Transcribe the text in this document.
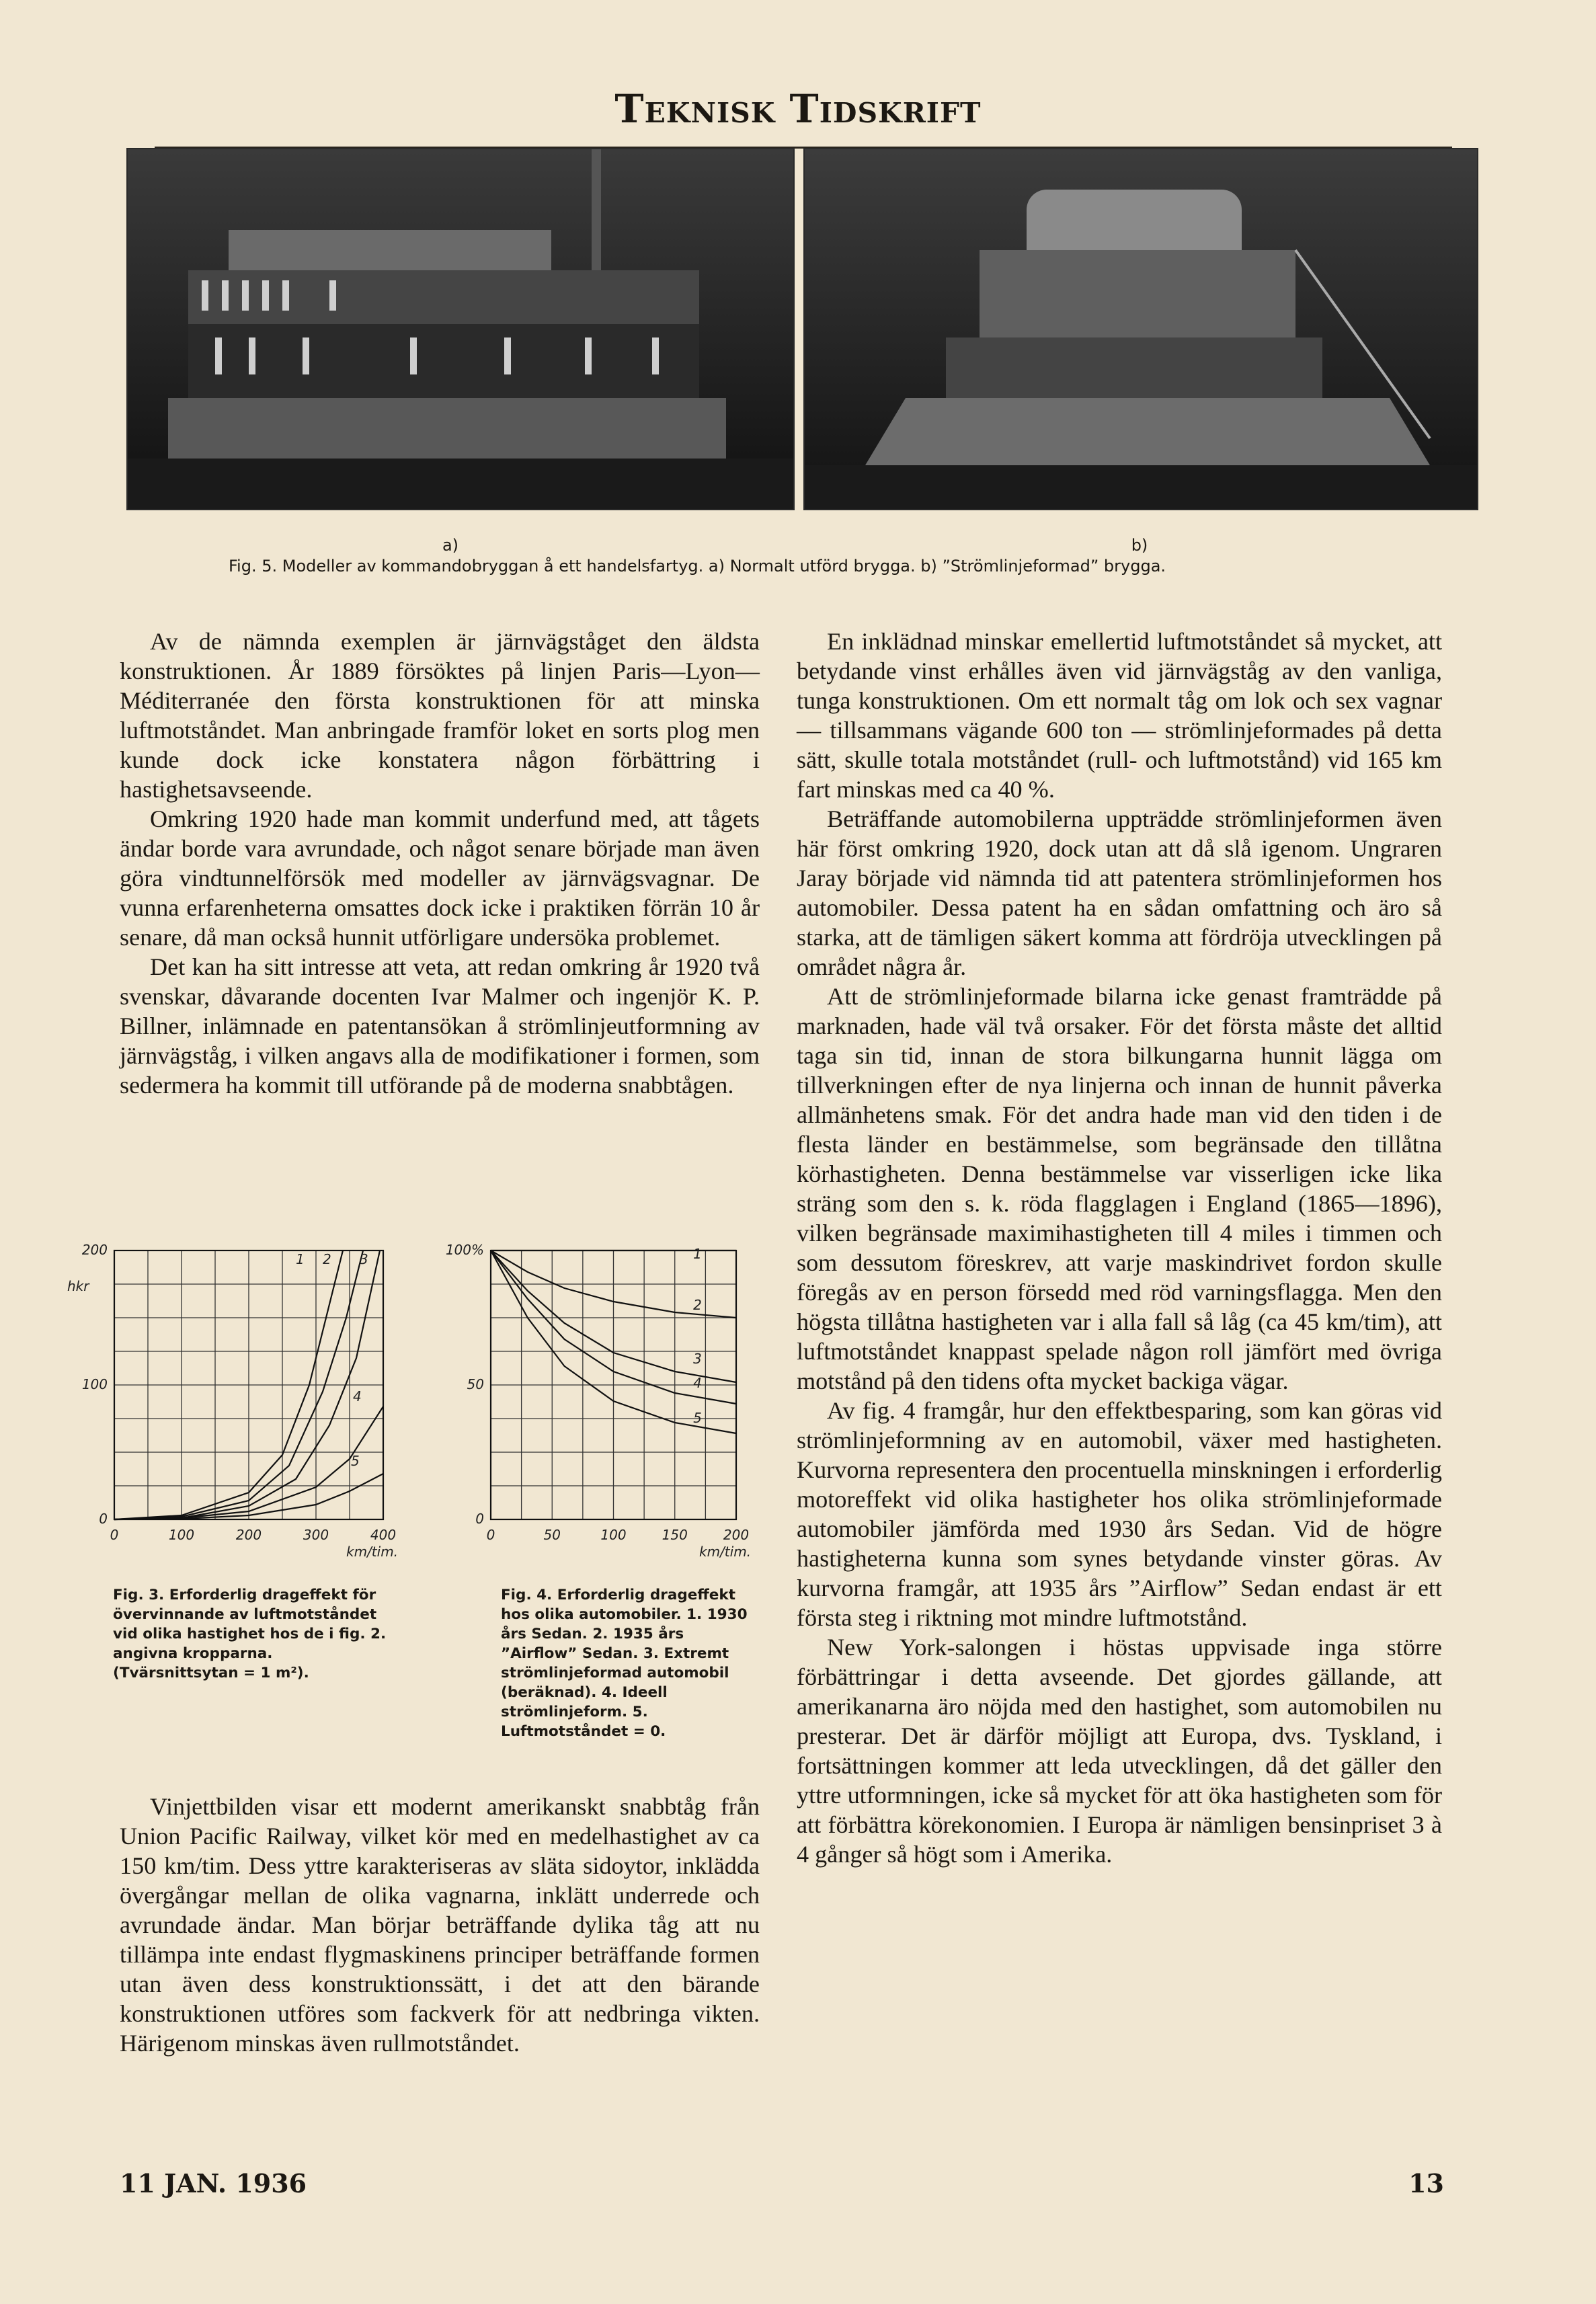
Teknisk Tidskrift
a)	b)
Fig. 5. Modeller av kommandobryggan å ett handelsfartyg. a) Normalt utförd brygga. b) ”Strömlinjeformad” brygga.

Av de nämnda exemplen är järnvägståget den äldsta konstruktionen. År 1889 försöktes på linjen Paris—Lyon—Méditerranée den första konstruktionen för att minska luftmotståndet. Man anbringade framför loket en sorts plog men kunde dock icke konstatera någon förbättring i hastighetsavseende.

Omkring 1920 hade man kommit underfund med, att tågets ändar borde vara avrundade, och något senare började man även göra vindtunnelförsök med modeller av järnvägsvagnar. De vunna erfarenheterna omsattes dock icke i praktiken förrän 10 år senare, då man också hunnit utförligare undersöka problemet.

Det kan ha sitt intresse att veta, att redan omkring år 1920 två svenskar, dåvarande docenten Ivar Malmer och ingenjör K. P. Billner, inlämnade en patentansökan å strömlinjeutformning av järnvägståg, i vilken angavs alla de modifikationer i formen, som sedermera ha kommit till utförande på de moderna snabbtågen.

0	100	200	300	400
0
100
200
hkr
km/tim.
1 2 3
4
5
Fig. 3. Erforderlig drageffekt för övervinnande av luftmotståndet vid olika hastighet hos de i fig. 2. angivna kropparna. (Tvärsnittsytan = 1 m²).
0	50	100	150	200
0
50
100%
km/tim.
1
2
3
4
5
Fig. 4. Erforderlig drageffekt hos olika automobiler. 1. 1930 års Sedan. 2. 1935 års ”Airflow” Sedan. 3. Extremt strömlinjeformad automobil (beräknad). 4. Ideell strömlinjeform. 5. Luftmotståndet = 0.

Vinjettbilden visar ett modernt amerikanskt snabbtåg från Union Pacific Railway, vilket kör med en medelhastighet av ca 150 km/tim. Dess yttre karakteriseras av släta sidoytor, inklädda övergångar mellan de olika vagnarna, inklätt underrede och avrundade ändar. Man börjar beträffande dylika tåg att nu tillämpa inte endast flygmaskinens principer beträffande formen utan även dess konstruktionssätt, i det att den bärande konstruktionen utföres som fackverk för att nedbringa vikten. Härigenom minskas även rullmotståndet.

En inklädnad minskar emellertid luftmotståndet så mycket, att betydande vinst erhålles även vid järnvägståg av den vanliga, tunga konstruktionen. Om ett normalt tåg om lok och sex vagnar — tillsammans vägande 600 ton — strömlinjeformades på detta sätt, skulle totala motståndet (rull- och luftmotstånd) vid 165 km fart minskas med ca 40 %.

Beträffande automobilerna uppträdde strömlinjeformen även här först omkring 1920, dock utan att då slå igenom. Ungraren Jaray började vid nämnda tid att patentera strömlinjeformen hos automobiler. Dessa patent ha en sådan omfattning och äro så starka, att de tämligen säkert komma att fördröja utvecklingen på området några år.

Att de strömlinjeformade bilarna icke genast framträdde på marknaden, hade väl två orsaker. För det första måste det alltid taga sin tid, innan de stora bilkungarna hunnit lägga om tillverkningen efter de nya linjerna och innan de hunnit påverka allmänhetens smak. För det andra hade man vid den tiden i de flesta länder en bestämmelse, som begränsade den tillåtna körhastigheten. Denna bestämmelse var visserligen icke lika sträng som den s. k. röda flagglagen i England (1865—1896), vilken begränsade maximihastigheten till 4 miles i timmen och som dessutom föreskrev, att varje maskindrivet fordon skulle föregås av en person försedd med röd varningsflagga. Men den högsta tillåtna hastigheten var i alla fall så låg (ca 45 km/tim), att luftmotståndet knappast spelade någon roll jämfört med övriga motstånd på den tidens ofta mycket backiga vägar.

Av fig. 4 framgår, hur den effektbesparing, som kan göras vid strömlinjeformning av en automobil, växer med hastigheten. Kurvorna representera den procentuella minskningen i erforderlig motoreffekt vid olika hastigheter hos olika strömlinjeformade automobiler jämförda med 1930 års Sedan. Vid de högre hastigheterna kunna som synes betydande vinster göras. Av kurvorna framgår, att 1935 års ”Airflow” Sedan endast är ett första steg i riktning mot mindre luftmotstånd.

New York-salongen i höstas uppvisade inga större förbättringar i detta avseende. Det gjordes gällande, att amerikanarna äro nöjda med den hastighet, som automobilen nu presterar. Det är därför möjligt att Europa, dvs. Tyskland, i fortsättningen kommer att leda utvecklingen, då det gäller den yttre utformningen, icke så mycket för att öka hastigheten som för att förbättra körekonomien. I Europa är nämligen bensinpriset 3 à 4 gånger så högt som i Amerika.

11 JAN. 1936	13
